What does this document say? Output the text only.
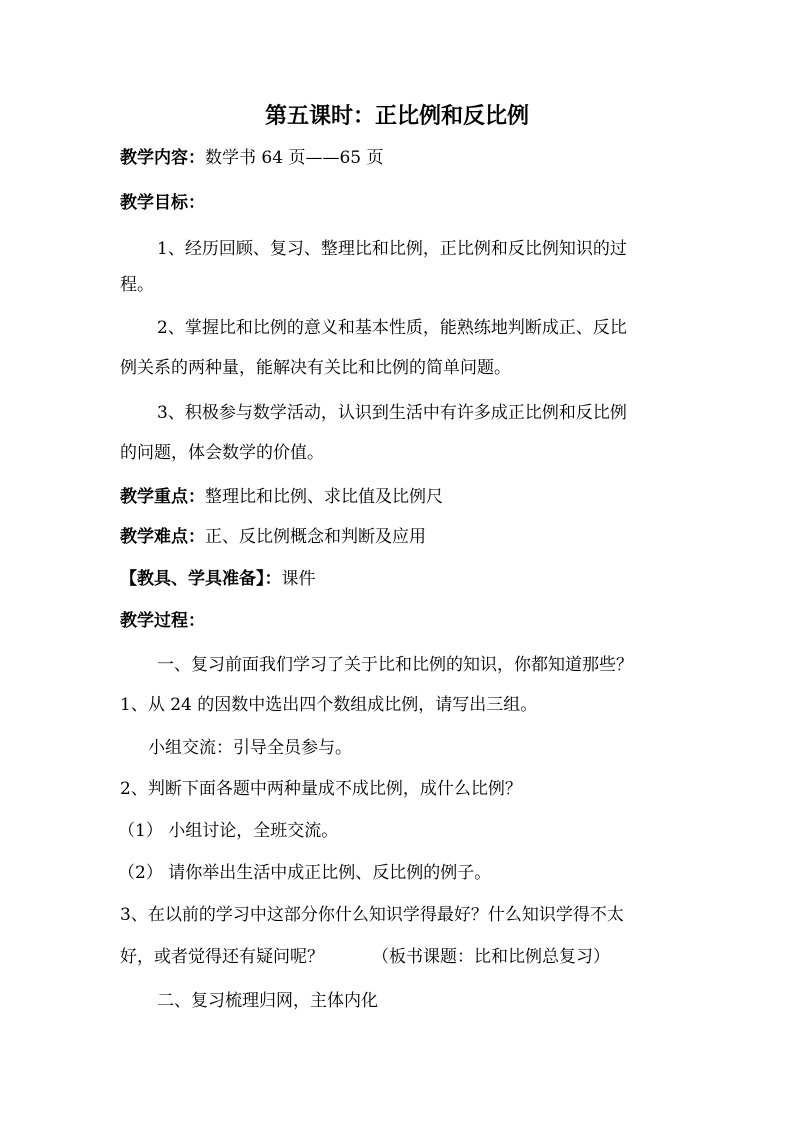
第五课时：正比例和反比例
教学内容：数学书 64 页——65 页
教学目标：
1、经历回顾、复习、整理比和比例，正比例和反比例知识的过
程。
2、掌握比和比例的意义和基本性质，能熟练地判断成正、反比
例关系的两种量，能解决有关比和比例的简单问题。
3、积极参与数学活动，认识到生活中有许多成正比例和反比例
的问题，体会数学的价值。
教学重点：整理比和比例、求比值及比例尺
教学难点：正、反比例概念和判断及应用
【教具、学具准备】：课件
教学过程：
一、复习前面我们学习了关于比和比例的知识，你都知道那些？
1、从 24 的因数中选出四个数组成比例，请写出三组。
小组交流：引导全员参与。
2、判断下面各题中两种量成不成比例，成什么比例？
（1） 小组讨论，全班交流。
（2） 请你举出生活中成正比例、反比例的例子。
3、在以前的学习中这部分你什么知识学得最好？什么知识学得不太
好，或者觉得还有疑问呢？	（板书课题：比和比例总复习）
二、复习梳理归网，主体内化
